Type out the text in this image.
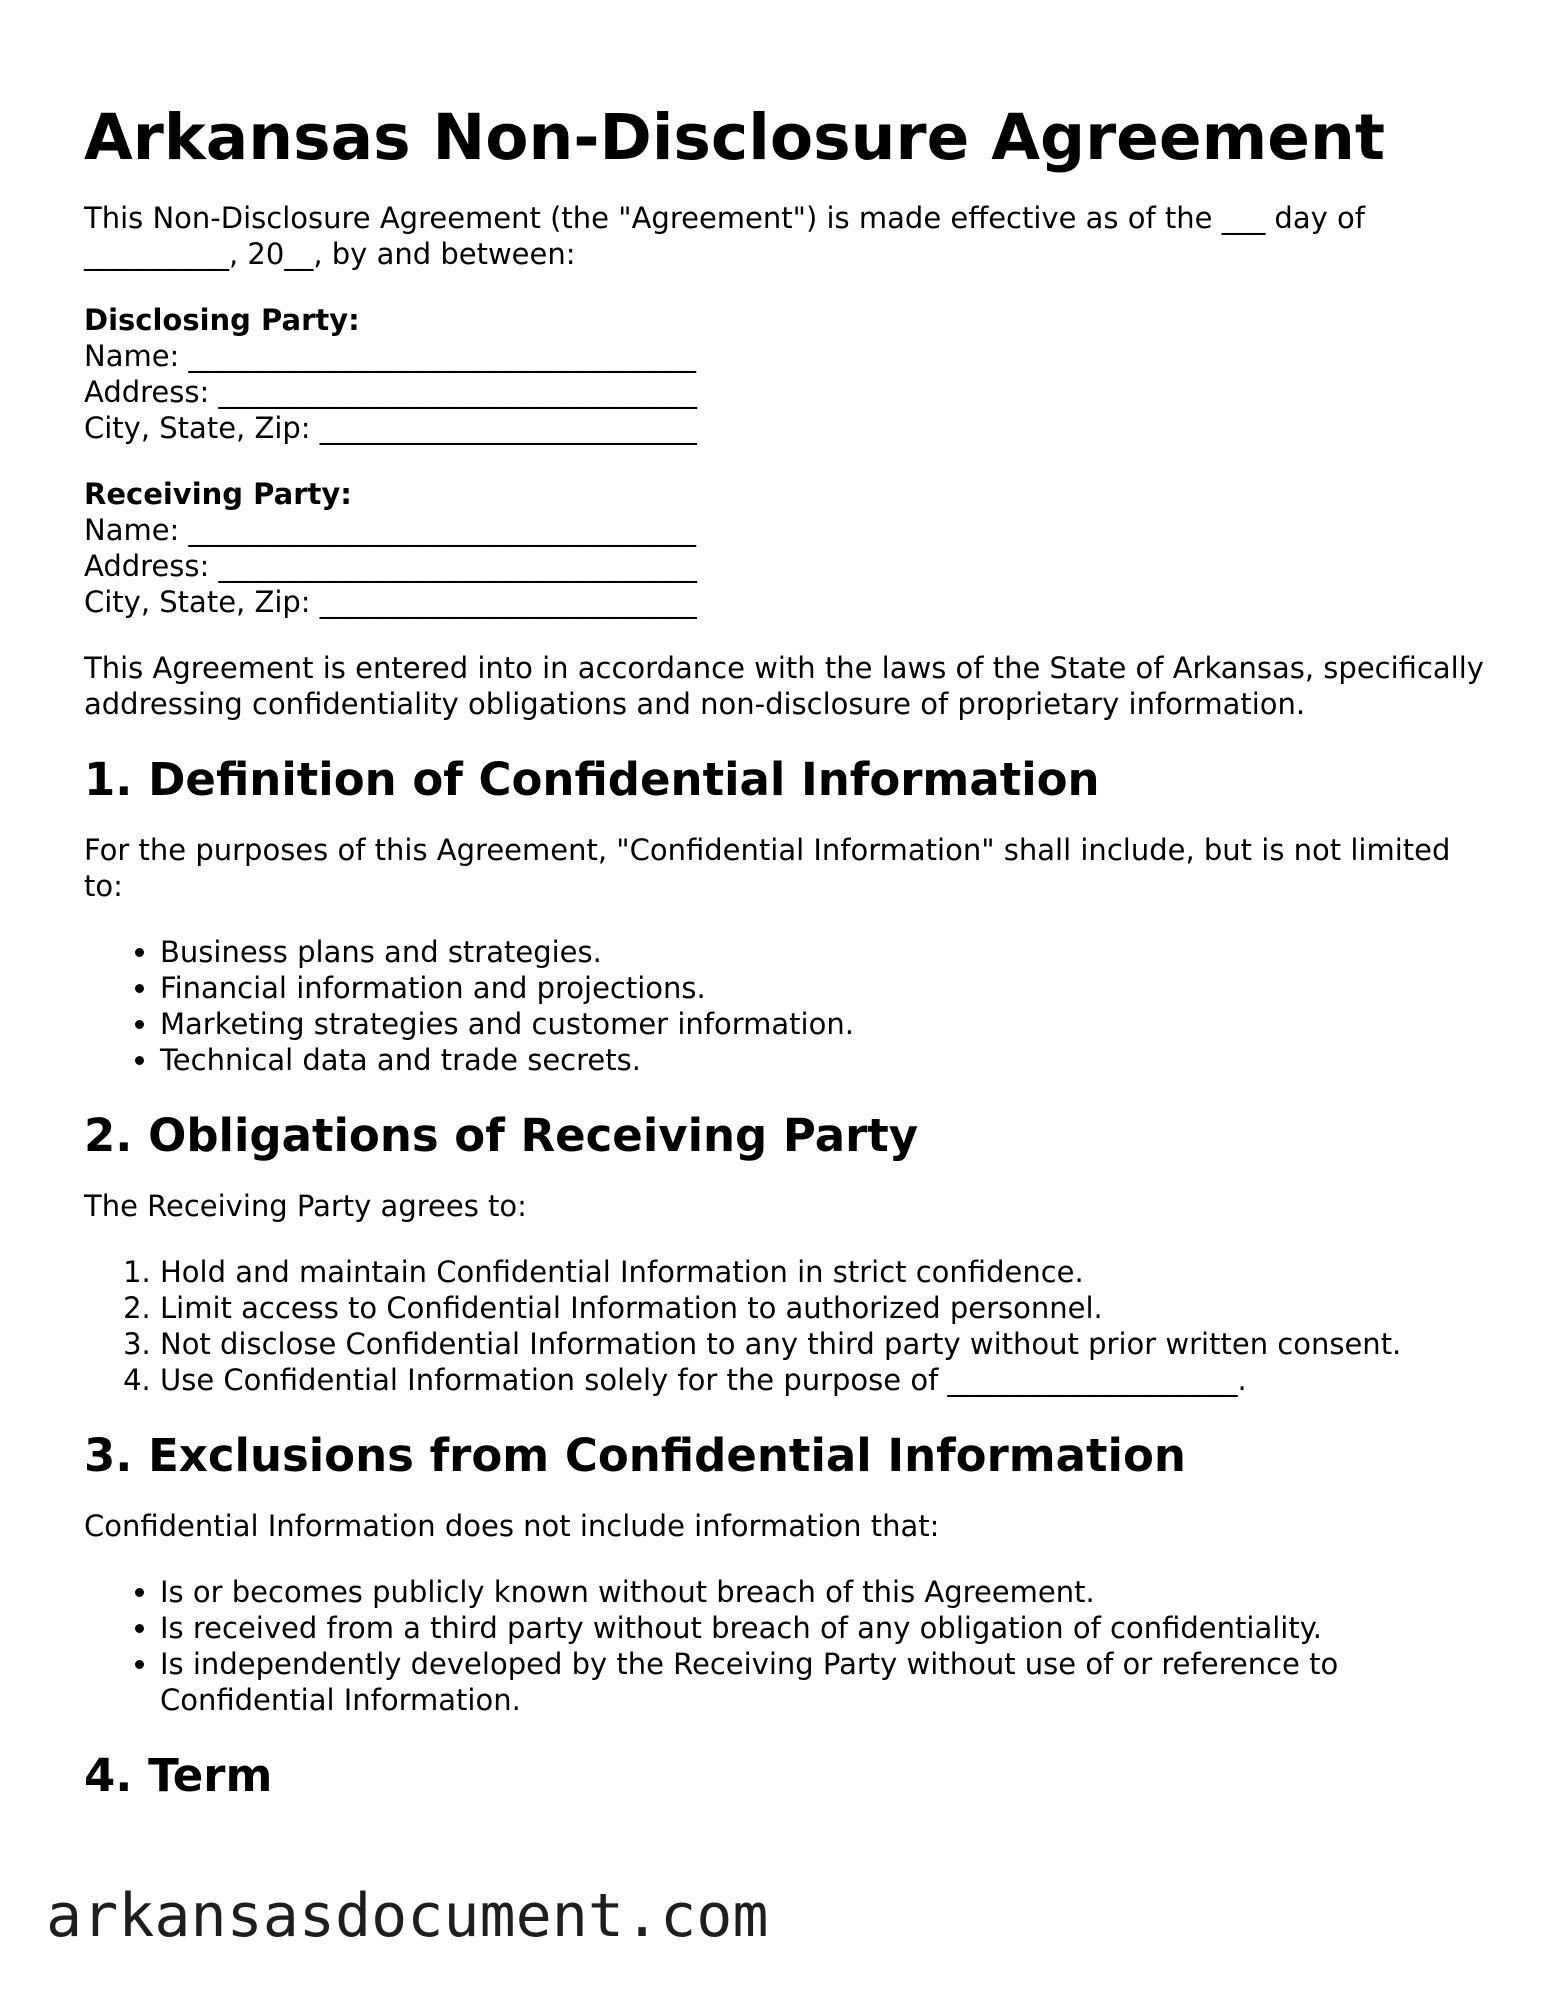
Arkansas Non-Disclosure Agreement

This Non-Disclosure Agreement (the "Agreement") is made effective as of the ___ day of __________, 20__, by and between:

Disclosing Party:
Name: ___________________________________
Address: _________________________________
City, State, Zip: __________________________
Receiving Party:
Name: ___________________________________
Address: _________________________________
City, State, Zip: __________________________

This Agreement is entered into in accordance with the laws of the State of Arkansas, specifically addressing confidentiality obligations and non-disclosure of proprietary information.

1. Definition of Confidential Information

For the purposes of this Agreement, "Confidential Information" shall include, but is not limited to:

• Business plans and strategies.
• Financial information and projections.
• Marketing strategies and customer information.
• Technical data and trade secrets.
2. Obligations of Receiving Party

The Receiving Party agrees to:

1. Hold and maintain Confidential Information in strict confidence.
2. Limit access to Confidential Information to authorized personnel.
3. Not disclose Confidential Information to any third party without prior written consent.
4. Use Confidential Information solely for the purpose of ____________________.
3. Exclusions from Confidential Information

Confidential Information does not include information that:

• Is or becomes publicly known without breach of this Agreement.
• Is received from a third party without breach of any obligation of confidentiality.
• Is independently developed by the Receiving Party without use of or reference to Confidential Information.
4. Term
arkansasdocument.com
